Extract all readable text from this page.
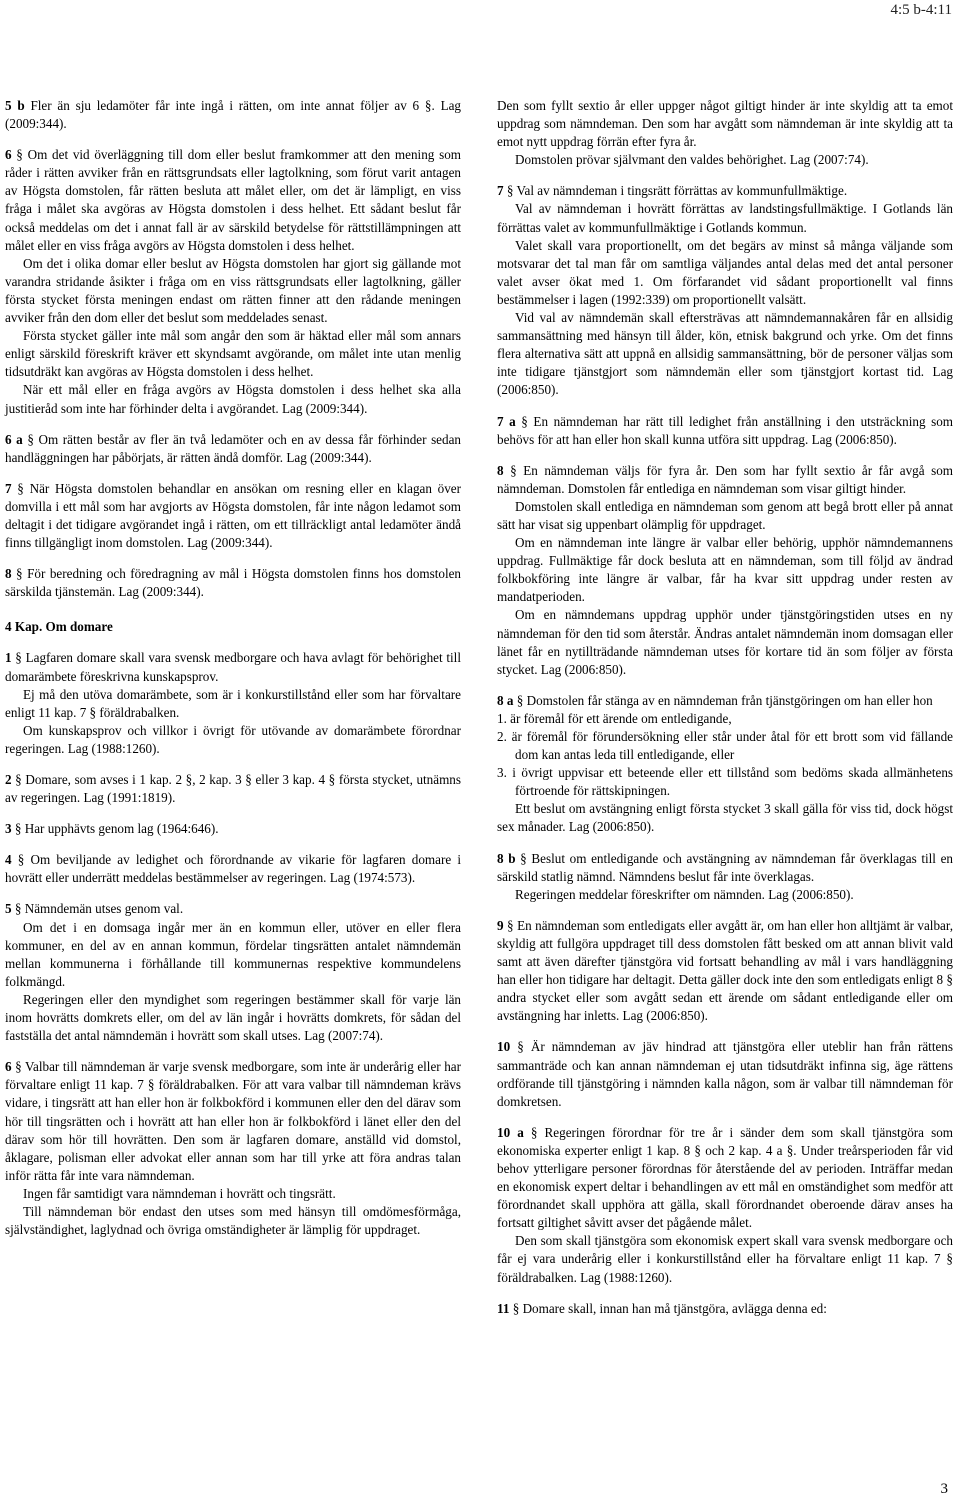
4:5 b-4:11

5 b Fler än sju ledamöter får inte ingå i rätten, om inte annat följer av 6 §. Lag (2009:344).

6 § Om det vid överläggning till dom eller beslut framkommer att den mening som råder i rätten avviker från en rättsgrundsats eller lagtolkning, som förut varit antagen av Högsta domstolen, får rätten besluta att målet eller, om det är lämpligt, en viss fråga i målet ska avgöras av Högsta domstolen i dess helhet. Ett sådant beslut får också meddelas om det i annat fall är av särskild betydelse för rättstillämpningen att målet eller en viss fråga avgörs av Högsta domstolen i dess helhet.

Om det i olika domar eller beslut av Högsta domstolen har gjort sig gällande mot varandra stridande åsikter i fråga om en viss rättsgrundsats eller lagtolkning, gäller första stycket första meningen endast om rätten finner att den rådande meningen avviker från den dom eller det beslut som meddelades senast.

Första stycket gäller inte mål som angår den som är häktad eller mål som annars enligt särskild föreskrift kräver ett skyndsamt avgörande, om målet inte utan menlig tidsutdräkt kan avgöras av Högsta domstolen i dess helhet.

När ett mål eller en fråga avgörs av Högsta domstolen i dess helhet ska alla justitieråd som inte har förhinder delta i avgörandet. Lag (2009:344).

6 a § Om rätten består av fler än två ledamöter och en av dessa får förhinder sedan handläggningen har påbörjats, är rätten ändå domför. Lag (2009:344).

7 § När Högsta domstolen behandlar en ansökan om resning eller en klagan över domvilla i ett mål som har avgjorts av Högsta domstolen, får inte någon ledamot som deltagit i det tidigare avgörandet ingå i rätten, om ett tillräckligt antal ledamöter ändå finns tillgängligt inom domstolen. Lag (2009:344).

8 § För beredning och föredragning av mål i Högsta domstolen finns hos domstolen särskilda tjänstemän. Lag (2009:344).

4 Kap. Om domare

1 § Lagfaren domare skall vara svensk medborgare och hava avlagt för behörighet till domarämbete föreskrivna kunskapsprov.

Ej må den utöva domarämbete, som är i konkurstillstånd eller som har förvaltare enligt 11 kap. 7 § föräldrabalken.

Om kunskapsprov och villkor i övrigt för utövande av domarämbete förordnar regeringen. Lag (1988:1260).

2 § Domare, som avses i 1 kap. 2 §, 2 kap. 3 § eller 3 kap. 4 § första stycket, utnämns av regeringen. Lag (1991:1819).

3 § Har upphävts genom lag (1964:646).

4 § Om beviljande av ledighet och förordnande av vikarie för lagfaren domare i hovrätt eller underrätt meddelas bestämmelser av regeringen. Lag (1974:573).

5 § Nämndemän utses genom val.

Om det i en domsaga ingår mer än en kommun eller, utöver en eller flera kommuner, en del av en annan kommun, fördelar tingsrätten antalet nämndemän mellan kommunerna i förhållande till kommunernas respektive kommundelens folkmängd.

Regeringen eller den myndighet som regeringen bestämmer skall för varje län inom hovrätts domkrets eller, om del av län ingår i hovrätts domkrets, för sådan del fastställa det antal nämndemän i hovrätt som skall utses. Lag (2007:74).

6 § Valbar till nämndeman är varje svensk medborgare, som inte är underårig eller har förvaltare enligt 11 kap. 7 § föräldrabalken. För att vara valbar till nämndeman krävs vidare, i tingsrätt att han eller hon är folkbokförd i kommunen eller den del därav som hör till tingsrätten och i hovrätt att han eller hon är folkbokförd i länet eller den del därav som hör till hovrätten. Den som är lagfaren domare, anställd vid domstol, åklagare, polisman eller advokat eller annan som har till yrke att föra andras talan inför rätta får inte vara nämndeman.

Ingen får samtidigt vara nämndeman i hovrätt och tingsrätt.

Till nämndeman bör endast den utses som med hänsyn till omdömesförmåga, självständighet, laglydnad och övriga omständigheter är lämplig för uppdraget.

Den som fyllt sextio år eller uppger något giltigt hinder är inte skyldig att ta emot uppdrag som nämndeman. Den som har avgått som nämndeman är inte skyldig att ta emot nytt uppdrag förrän efter fyra år.

Domstolen prövar självmant den valdes behörighet. Lag (2007:74).

7 § Val av nämndeman i tingsrätt förrättas av kommunfullmäktige.

Val av nämndeman i hovrätt förrättas av landstingsfullmäktige. I Gotlands län förrättas valet av kommunfullmäktige i Gotlands kommun.

Valet skall vara proportionellt, om det begärs av minst så många väljande som motsvarar det tal man får om samtliga väljandes antal delas med det antal personer valet avser ökat med 1. Om förfarandet vid sådant proportionellt val finns bestämmelser i lagen (1992:339) om proportionellt valsätt.

Vid val av nämndemän skall eftersträvas att nämndemannakåren får en allsidig sammansättning med hänsyn till ålder, kön, etnisk bakgrund och yrke. Om det finns flera alternativa sätt att uppnå en allsidig sammansättning, bör de personer väljas som inte tidigare tjänstgjort som nämndemän eller som tjänstgjort kortast tid. Lag (2006:850).

7 a § En nämndeman har rätt till ledighet från anställning i den utsträckning som behövs för att han eller hon skall kunna utföra sitt uppdrag. Lag (2006:850).

8 § En nämndeman väljs för fyra år. Den som har fyllt sextio år får avgå som nämndeman. Domstolen får entlediga en nämndeman som visar giltigt hinder.

Domstolen skall entlediga en nämndeman som genom att begå brott eller på annat sätt har visat sig uppenbart olämplig för uppdraget.

Om en nämndeman inte längre är valbar eller behörig, upphör nämndemannens uppdrag. Fullmäktige får dock besluta att en nämndeman, som till följd av ändrad folkbokföring inte längre är valbar, får ha kvar sitt uppdrag under resten av mandatperioden.

Om en nämndemans uppdrag upphör under tjänstgöringstiden utses en ny nämndeman för den tid som återstår. Ändras antalet nämndemän inom domsagan eller länet får en nytillträdande nämndeman utses för kortare tid än som följer av första stycket. Lag (2006:850).

8 a § Domstolen får stänga av en nämndeman från tjänstgöringen om han eller hon

1. är föremål för ett ärende om entledigande,

2. är föremål för förundersökning eller står under åtal för ett brott som vid fällande dom kan antas leda till entledigande, eller

3. i övrigt uppvisar ett beteende eller ett tillstånd som bedöms skada allmänhetens förtroende för rättskipningen.

Ett beslut om avstängning enligt första stycket 3 skall gälla för viss tid, dock högst sex månader. Lag (2006:850).

8 b § Beslut om entledigande och avstängning av nämndeman får överklagas till en särskild statlig nämnd. Nämndens beslut får inte överklagas.

Regeringen meddelar föreskrifter om nämnden. Lag (2006:850).

9 § En nämndeman som entledigats eller avgått är, om han eller hon alltjämt är valbar, skyldig att fullgöra uppdraget till dess domstolen fått besked om att annan blivit vald samt att även därefter tjänstgöra vid fortsatt behandling av mål i vars handläggning han eller hon tidigare har deltagit. Detta gäller dock inte den som entledigats enligt 8 § andra stycket eller som avgått sedan ett ärende om sådant entledigande eller om avstängning har inletts. Lag (2006:850).

10 § Är nämndeman av jäv hindrad att tjänstgöra eller uteblir han från rättens sammanträde och kan annan nämndeman ej utan tidsutdräkt infinna sig, äge rättens ordförande till tjänstgöring i nämnden kalla någon, som är valbar till nämndeman för domkretsen.

10 a § Regeringen förordnar för tre år i sänder dem som skall tjänstgöra som ekonomiska experter enligt 1 kap. 8 § och 2 kap. 4 a §. Under treårsperioden får vid behov ytterligare personer förordnas för återstående del av perioden. Inträffar medan en ekonomisk expert deltar i behandlingen av ett mål en omständighet som medför att förordnandet skall upphöra att gälla, skall förordnandet oberoende därav anses ha fortsatt giltighet såvitt avser det pågående målet.

Den som skall tjänstgöra som ekonomisk expert skall vara svensk medborgare och får ej vara underårig eller i konkurstillstånd eller ha förvaltare enligt 11 kap. 7 § föräldrabalken. Lag (1988:1260).

11 § Domare skall, innan han må tjänstgöra, avlägga denna ed:

3
